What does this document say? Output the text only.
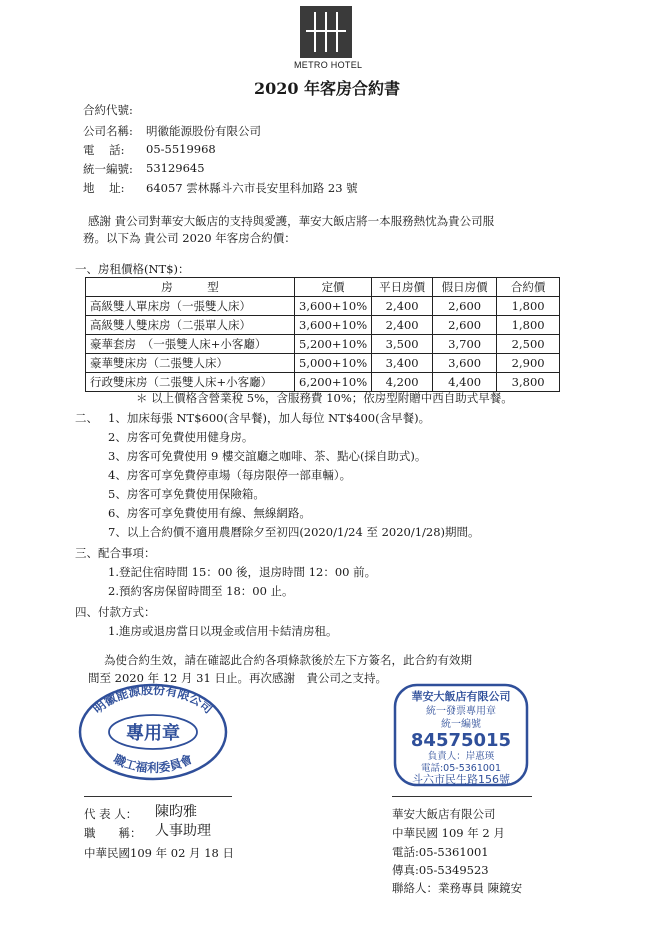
METRO HOTEL
2020 年客房合約書
合約代號:
公司名稱: 明徽能源股份有限公司
電    話: 05-5519968
統一編號: 53129645
地    址: 64057 雲林縣斗六市長安里科加路 23 號
感謝 貴公司對華安大飯店的支持與愛護，華安大飯店將一本服務熱忱為貴公司服
務。以下為 貴公司 2020 年客房合約價：
一、房租價格(NT$)：
房　　　型	定價	平日房價	假日房價	合約價
高級雙人單床房（一張雙人床）	3,600+10%	2,400	2,600	1,800
高級雙人雙床房（二張單人床）	3,600+10%	2,400	2,600	1,800
豪華套房　（一張雙人床+小客廳）	5,200+10%	3,500	3,700	2,500
豪華雙床房（二張雙人床）	5,000+10%	3,400	3,600	2,900
行政雙床房（二張雙人床+小客廳）	6,200+10%	4,200	4,400	3,800
＊ 以上價格含營業稅 5%，含服務費 10%；依房型附贈中西自助式早餐。
二、 1、加床每張 NT$600(含早餐)，加人每位 NT$400(含早餐)。
2、房客可免費使用健身房。
3、房客可免費使用 9 樓交誼廳之咖啡、茶、點心(採自助式)。
4、房客可享免費停車場（每房限停一部車輛）。
5、房客可享免費使用保險箱。
6、房客可享免費使用有線、無線網路。
7、以上合約價不適用農曆除夕至初四(2020/1/24 至 2020/1/28)期間。
三、配合事項：
1.登記住宿時間 15：00 後，退房時間 12：00 前。
2.預約客房保留時間至 18：00 止。
四、付款方式：
1.進房或退房當日以現金或信用卡結清房租。
為使合約生效，請在確認此合約各項條款後於左下方簽名，此合約有效期
間至 2020 年 12 月 31 日止。再次感謝　貴公司之支持。
明徽能源股份有限公司
職工福利委員會
專用章
華安大飯店有限公司
統一發票專用章
統一編號
84575015
負責人：岸惠瑛
電話:05-5361001
斗六市民生路156號
代 表 人： 陳昀雅
職　　稱： 人事助理
中華民國109 年 02 月 18 日
華安大飯店有限公司
中華民國 109 年 2 月
電話:05-5361001
傳真:05-5349523
聯絡人：業務專員 陳鏡安
